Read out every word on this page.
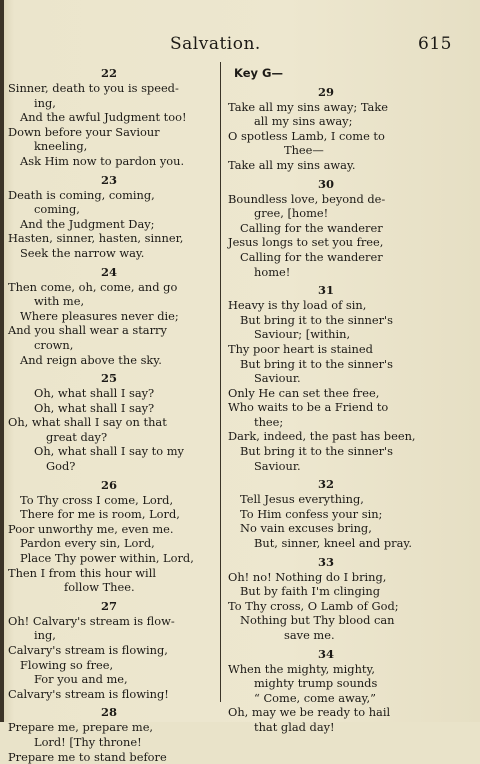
Salvation.	615
22
Sinner, death to you is speed-
ing,
And the awful Judgment too!
Down before your Saviour
kneeling,
Ask Him now to pardon you.
23
Death is coming, coming,
coming,
And the Judgment Day;
Hasten, sinner, hasten, sinner,
Seek the narrow way.
24
Then come, oh, come, and go
with me,
Where pleasures never die;
And you shall wear a starry
crown,
And reign above the sky.
25
Oh, what shall I say?
Oh, what shall I say?
Oh, what shall I say on that
great day?
Oh, what shall I say to my
God?
26
To Thy cross I come, Lord,
There for me is room, Lord,
Poor unworthy me, even me.
Pardon every sin, Lord,
Place Thy power within, Lord,
Then I from this hour will
follow Thee.
27
Oh! Calvary's stream is flow-
ing,
Calvary's stream is flowing,
Flowing so free,
For you and me,
Calvary's stream is flowing!
28
Prepare me, prepare me,
Lord! [Thy throne!
Prepare me to stand before
Key G—
29
Take all my sins away; Take
all my sins away;
O spotless Lamb, I come to
Thee—
Take all my sins away.
30
Boundless love, beyond de-
gree, [home!
Calling for the wanderer
Jesus longs to set you free,
Calling for the wanderer
home!
31
Heavy is thy load of sin,
But bring it to the sinner's
Saviour; [within,
Thy poor heart is stained
But bring it to the sinner's
Saviour.
Only He can set thee free,
Who waits to be a Friend to
thee;
Dark, indeed, the past has been,
But bring it to the sinner's
Saviour.
32
Tell Jesus everything,
To Him confess your sin;
No vain excuses bring,
But, sinner, kneel and pray.
33
Oh! no! Nothing do I bring,
But by faith I'm clinging
To Thy cross, O Lamb of God;
Nothing but Thy blood can
save me.
34
When the mighty, mighty,
mighty trump sounds
“ Come, come away,”
Oh, may we be ready to hail
that glad day!
